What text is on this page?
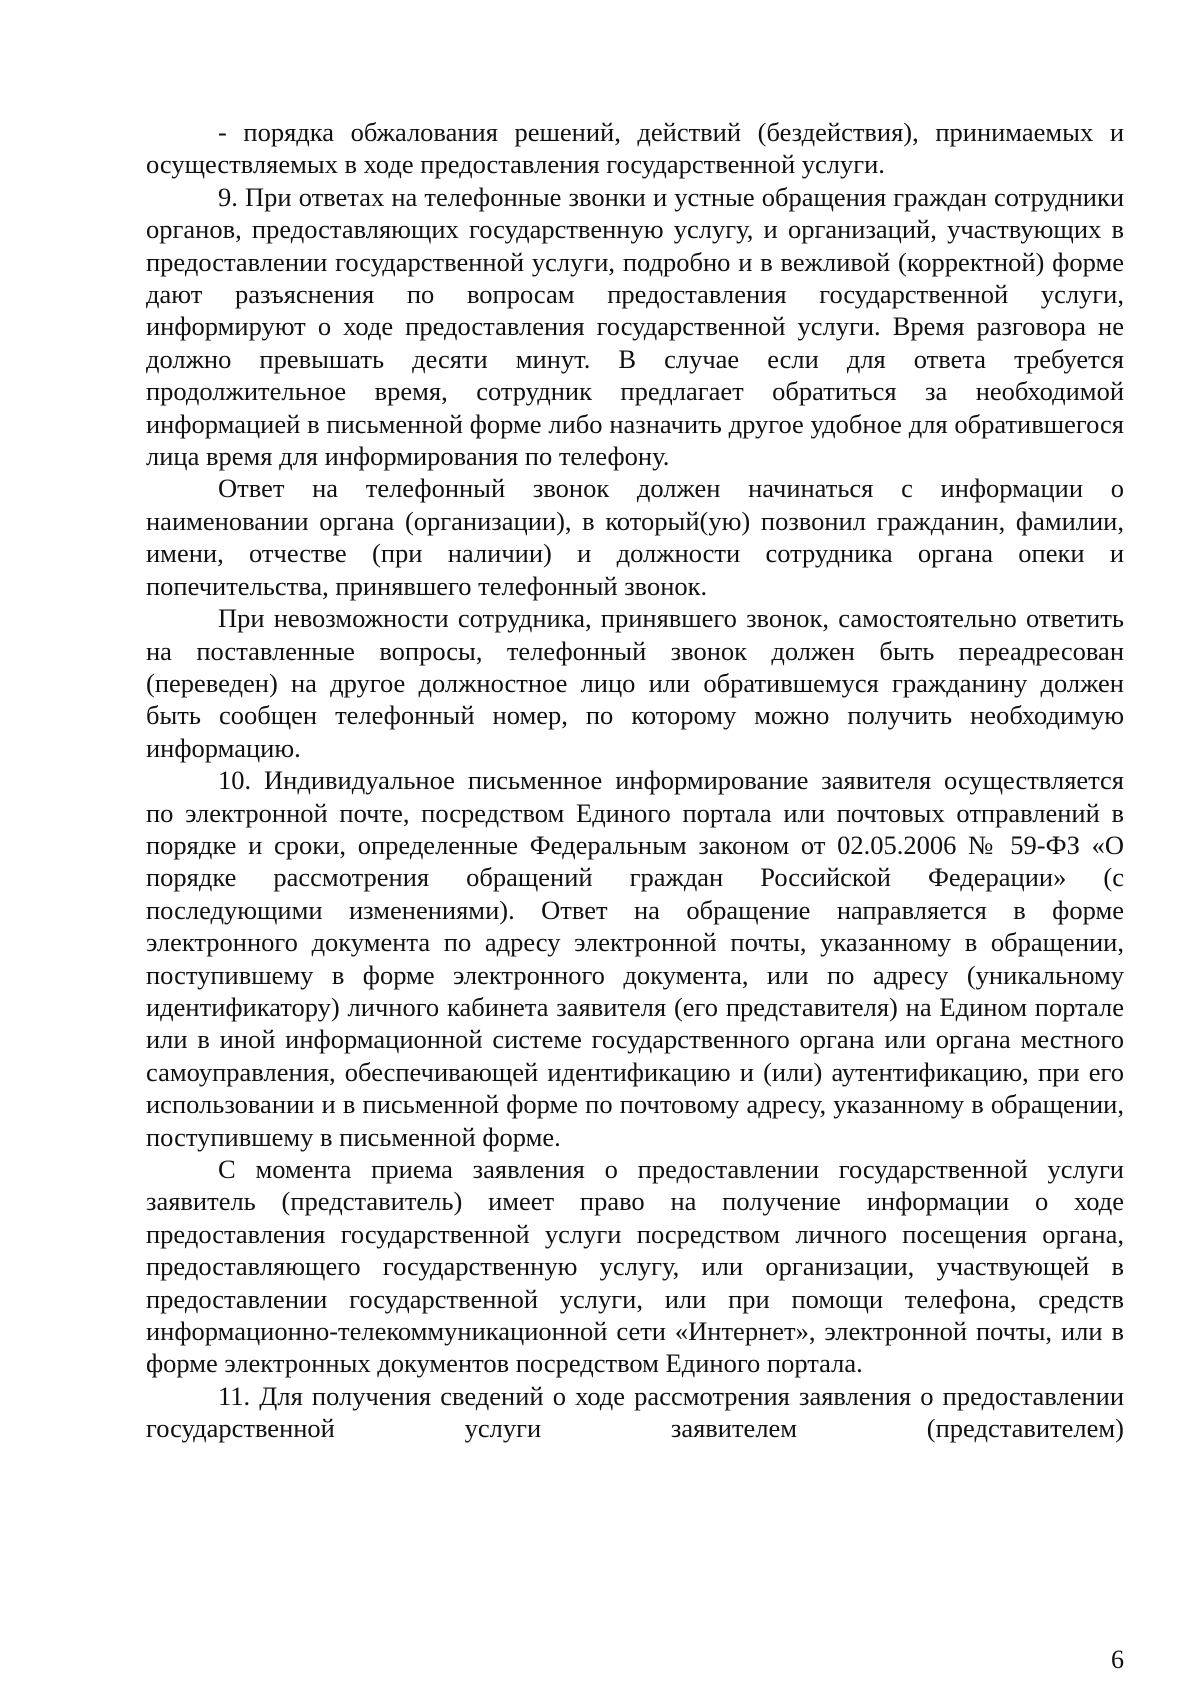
- порядка обжалования решений, действий (бездействия), принимаемых и осуществляемых в ходе предоставления государственной услуги.

9. При ответах на телефонные звонки и устные обращения граждан сотрудники органов, предоставляющих государственную услугу, и организаций, участвующих в предоставлении государственной услуги, подробно и в вежливой (корректной) форме дают разъяснения по вопросам предоставления государственной услуги, информируют о ходе предоставления государственной услуги. Время разговора не должно превышать десяти минут. В случае если для ответа требуется продолжительное время, сотрудник предлагает обратиться за необходимой информацией в письменной форме либо назначить другое удобное для обратившегося лица время для информирования по телефону.

Ответ на телефонный звонок должен начинаться с информации о наименовании органа (организации), в который(ую) позвонил гражданин, фамилии, имени, отчестве (при наличии) и должности сотрудника органа опеки и попечительства, принявшего телефонный звонок.

При невозможности сотрудника, принявшего звонок, самостоятельно ответить на поставленные вопросы, телефонный звонок должен быть переадресован (переведен) на другое должностное лицо или обратившемуся гражданину должен быть сообщен телефонный номер, по которому можно получить необходимую информацию.

10. Индивидуальное письменное информирование заявителя осуществляется по электронной почте, посредством Единого портала или почтовых отправлений в порядке и сроки, определенные Федеральным законом от 02.05.2006 № 59-ФЗ «О порядке рассмотрения обращений граждан Российской Федерации» (с последующими изменениями). Ответ на обращение направляется в форме электронного документа по адресу электронной почты, указанному в обращении, поступившему в форме электронного документа, или по адресу (уникальному идентификатору) личного кабинета заявителя (его представителя) на Едином портале или в иной информационной системе государственного органа или органа местного самоуправления, обеспечивающей идентификацию и (или) аутентификацию, при его использовании и в письменной форме по почтовому адресу, указанному в обращении, поступившему в письменной форме.

С момента приема заявления о предоставлении государственной услуги заявитель (представитель) имеет право на получение информации о ходе предоставления государственной услуги посредством личного посещения органа, предоставляющего государственную услугу, или организации, участвующей в предоставлении государственной услуги, или при помощи телефона, средств информационно-телекоммуникационной сети «Интернет», электронной почты, или в форме электронных документов посредством Единого портала.

11. Для получения сведений о ходе рассмотрения заявления о предоставлении государственной услуги заявителем (представителем)

6
